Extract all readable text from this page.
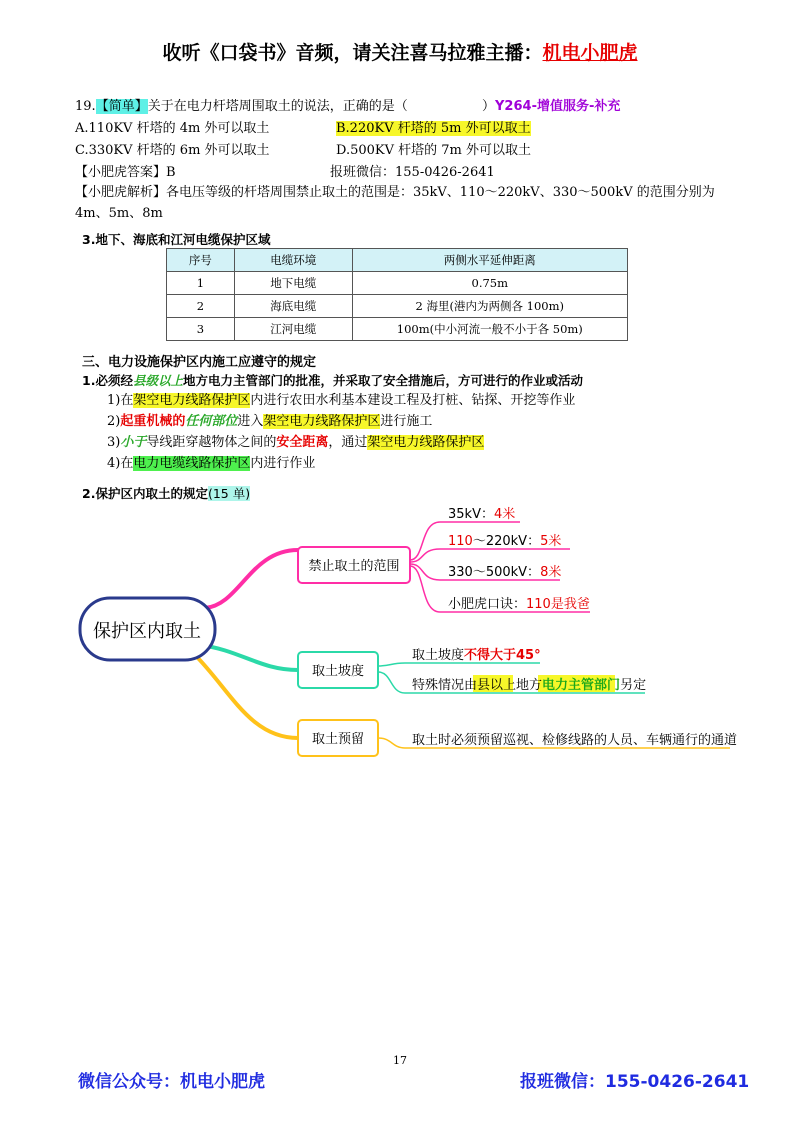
收听《口袋书》音频，请关注喜马拉雅主播：机电小肥虎
19.【简单】关于在电力杆塔周围取土的说法，正确的是（	）Y264-增值服务-补充
A.110KV 杆塔的 4m 外可以取土	B.220KV 杆塔的 5m 外可以取土
C.330KV 杆塔的 6m 外可以取土	D.500KV 杆塔的 7m 外可以取土
【小肥虎答案】B	报班微信：155-0426-2641
【小肥虎解析】各电压等级的杆塔周围禁止取土的范围是：35kV、110～220kV、330～500kV 的范围分别为
4m、5m、8m
3.地下、海底和江河电缆保护区域
序号	电缆环境	两侧水平延伸距离
1	地下电缆	0.75m
2	海底电缆	2 海里(港内为两侧各 100m)
3	江河电缆	100m(中小河流一般不小于各 50m)
三、电力设施保护区内施工应遵守的规定
1.必须经县级以上地方电力主管部门的批准，并采取了安全措施后，方可进行的作业或活动
1)在架空电力线路保护区内进行农田水利基本建设工程及打桩、钻探、开挖等作业
2)起重机械的任何部位进入架空电力线路保护区进行施工
3)小于导线距穿越物体之间的安全距离，通过架空电力线路保护区
4)在电力电缆线路保护区内进行作业
2.保护区内取土的规定(15 单)
保护区内取土
禁止取土的范围
35kV：4米
110～220kV：5米
330～500kV：8米
小肥虎口诀：110是我爸
取土坡度
取土坡度不得大于45°
特殊情况由县以上地方电力主管部门另定
取土预留	取土时必须预留巡视、检修线路的人员、车辆通行的通道
17
微信公众号：机电小肥虎	报班微信：155-0426-2641
